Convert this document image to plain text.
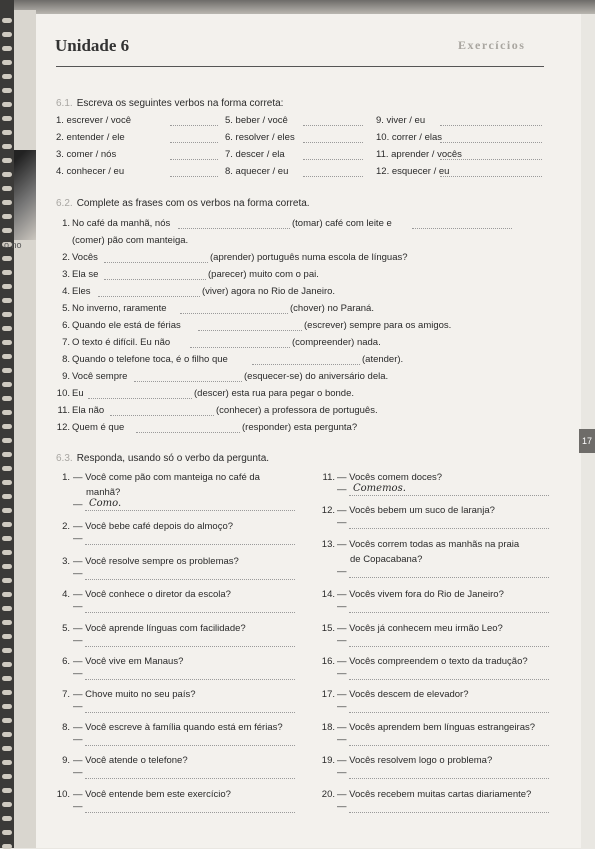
o no
17
Unidade 6	Exercícios
6.1. Escreva os seguintes verbos na forma correta:
1. escrever / você
2. entender / ele
3. comer / nós
4. conhecer / eu
5. beber / você
6. resolver / eles
7. descer / ela
8. aquecer / eu
9. viver / eu
10. correr / elas
11. aprender / vocês
12. esquecer / eu
6.2. Complete as frases com os verbos na forma correta.
1. No café da manhã, nós	(tomar) café com leite e
(comer) pão com manteiga.
2. Vocês	(aprender) português numa escola de línguas?
3. Ela se	(parecer) muito com o pai.
4. Eles	(viver) agora no Rio de Janeiro.
5. No inverno, raramente	(chover) no Paraná.
6. Quando ele está de férias	(escrever) sempre para os amigos.
7. O texto é difícil. Eu não	(compreender) nada.
8. Quando o telefone toca, é o filho que	(atender).
9. Você sempre	(esquecer-se) do aniversário dela.
10. Eu	(descer) esta rua para pegar o bonde.
11. Ela não	(conhecer) a professora de português.
12. Quem é que	(responder) esta pergunta?
6.3. Responda, usando só o verbo da pergunta.
1. — Você come pão com manteiga no café da
manhã?
— Como.
2. — Você bebe café depois do almoço?
—
3. — Você resolve sempre os problemas?
—
4. — Você conhece o diretor da escola?
—
5. — Você aprende línguas com facilidade?
—
6. — Você vive em Manaus?
—
7. — Chove muito no seu país?
—
8. — Você escreve à família quando está em férias?
—
9. — Você atende o telefone?
—
10. — Você entende bem este exercício?
—
11. — Vocês comem doces?
— Comemos.
12. — Vocês bebem um suco de laranja?
—
13. — Vocês correm todas as manhãs na praia
de Copacabana?
—
14. — Vocês vivem fora do Rio de Janeiro?
—
15. — Vocês já conhecem meu irmão Leo?
—
16. — Vocês compreendem o texto da tradução?
—
17. — Vocês descem de elevador?
—
18. — Vocês aprendem bem línguas estrangeiras?
—
19. — Vocês resolvem logo o problema?
—
20. — Vocês recebem muitas cartas diariamente?
—
